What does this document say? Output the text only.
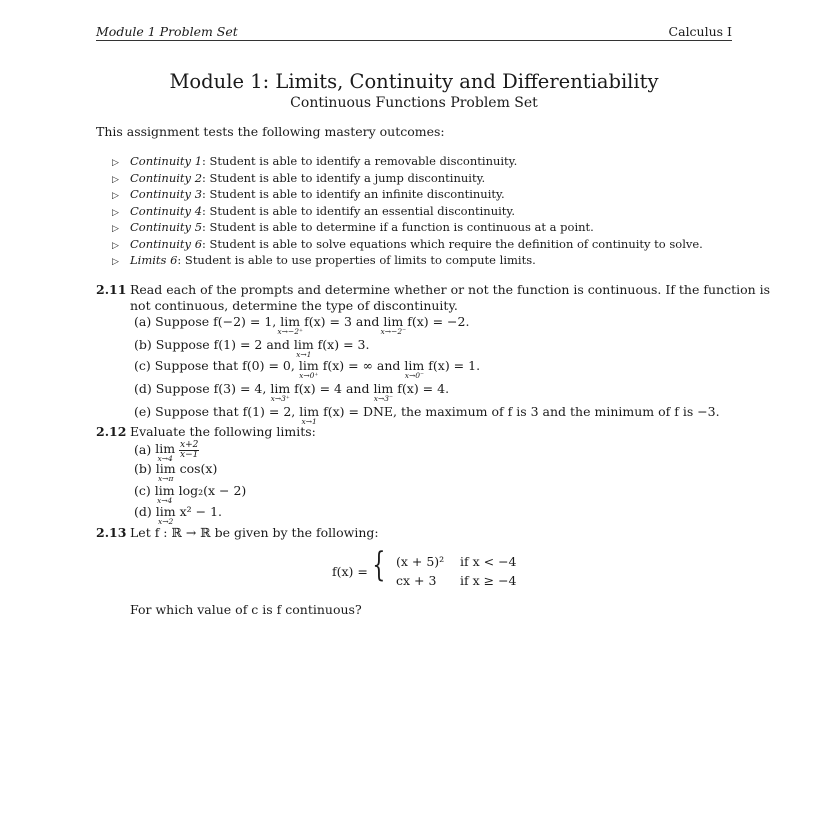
Module 1 Problem Set	Calculus I
Module 1: Limits, Continuity and Differentiability
Continuous Functions Problem Set
This assignment tests the following mastery outcomes:
▷ Continuity 1: Student is able to identify a removable discontinuity.
▷ Continuity 2: Student is able to identify a jump discontinuity.
▷ Continuity 3: Student is able to identify an infinite discontinuity.
▷ Continuity 4: Student is able to identify an essential discontinuity.
▷ Continuity 5: Student is able to determine if a function is continuous at a point.
▷ Continuity 6: Student is able to solve equations which require the definition of continuity to solve.
▷ Limits 6: Student is able to use properties of limits to compute limits.
2.11 Read each of the prompts and determine whether or not the function is continuous. If the function is
not continuous, determine the type of discontinuity.
(a) Suppose f(−2) = 1, lim
x→−2⁺
f(x) = 3 and lim
x→−2⁻
f(x) = −2.
(b) Suppose f(1) = 2 and lim
x→1
f(x) = 3.
(c) Suppose that f(0) = 0, lim
x→0⁺
f(x) = ∞ and lim
x→0⁻
f(x) = 1.
(d) Suppose f(3) = 4, lim
x→3⁺
f(x) = 4 and lim
x→3⁻
f(x) = 4.
(e) Suppose that f(1) = 2, lim
x→1
f(x) = DNE, the maximum of f is 3 and the minimum of f is −3.
2.12 Evaluate the following limits:
(a) lim
x→4
$\frac{x+2}{x-1}$
(b) lim
x→π
cos(x)
(c) lim
x→4
log₂(x − 2)
(d) lim
x→2
x² − 1.
2.13 Let f : ℝ → ℝ be given by the following:
f(x) = { (x + 5)² if x < −4
cx + 3 if x ≥ −4
For which value of c is f continuous?
